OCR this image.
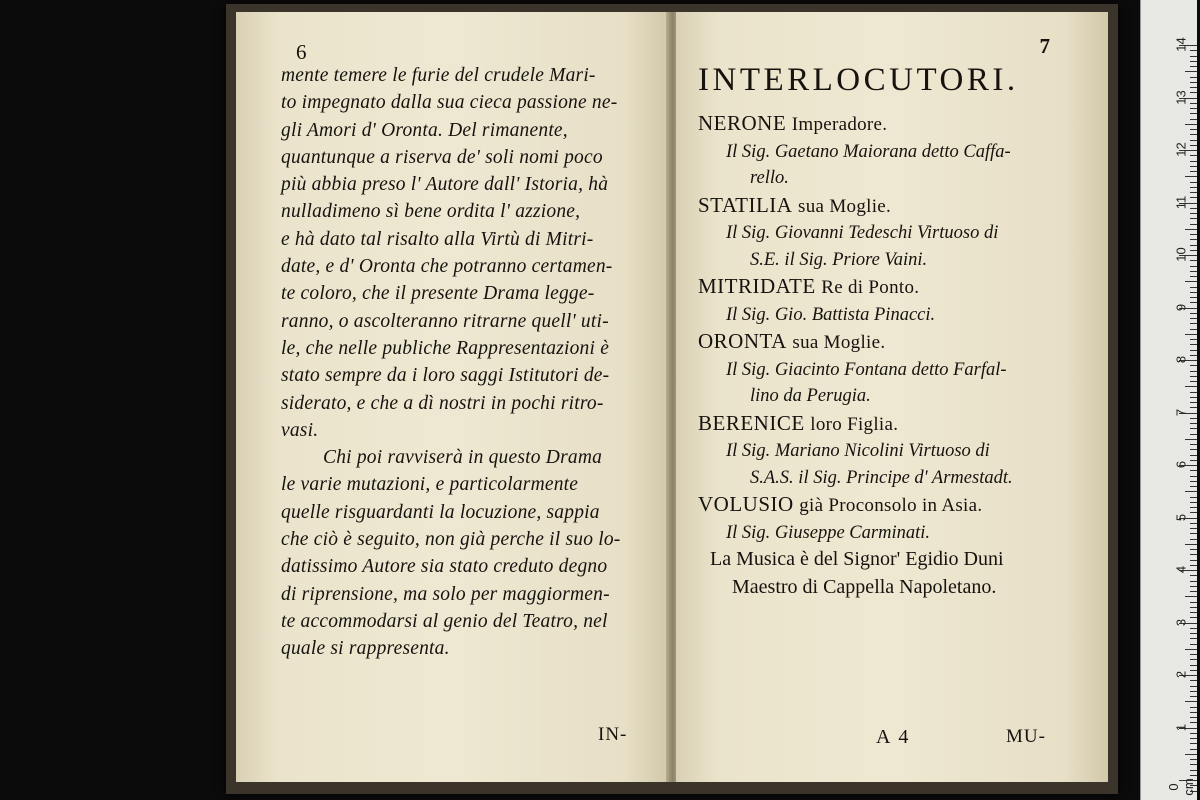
6
mente temere le furie del crudele Mari-
to impegnato dalla sua cieca passione ne-
gli Amori d' Oronta. Del rimanente,
quantunque a riserva de' soli nomi poco
più abbia preso l' Autore dall' Istoria, hà
nulladimeno sì bene ordita l' azzione,
e hà dato tal risalto alla Virtù di Mitri-
date, e d' Oronta che potranno certamen-
te coloro, che il presente Drama legge-
ranno, o ascolteranno ritrarne quell' uti-
le, che nelle publiche Rappresentazioni è
stato sempre da i loro saggi Istitutori de-
siderato, e che a dì nostri in pochi ritro-
vasi.
Chi poi ravviserà in questo Drama
le varie mutazioni, e particolarmente
quelle risguardanti la locuzione, sappia
che ciò è seguito, non già perche il suo lo-
datissimo Autore sia stato creduto degno
di riprensione, ma solo per maggiormen-
te accommodarsi al genio del Teatro, nel
quale si rappresenta.
IN-
7
INTERLOCUTORI.
NERONE Imperadore.
Il Sig. Gaetano Maiorana detto Caffa-
rello.
STATILIA sua Moglie.
Il Sig. Giovanni Tedeschi Virtuoso di
S.E. il Sig. Priore Vaini.
MITRIDATE Re di Ponto.
Il Sig. Gio. Battista Pinacci.
ORONTA sua Moglie.
Il Sig. Giacinto Fontana detto Farfal-
lino da Perugia.
BERENICE loro Figlia.
Il Sig. Mariano Nicolini Virtuoso di
S.A.S. il Sig. Principe d' Armestadt.
VOLUSIO già Proconsolo in Asia.
Il Sig. Giuseppe Carminati.
La Musica è del Signor' Egidio Duni
Maestro di Cappella Napoletano.
A 4	MU-
14
13
12
11
10
9
8
7
6
5
4
3
2
1
0 cm
